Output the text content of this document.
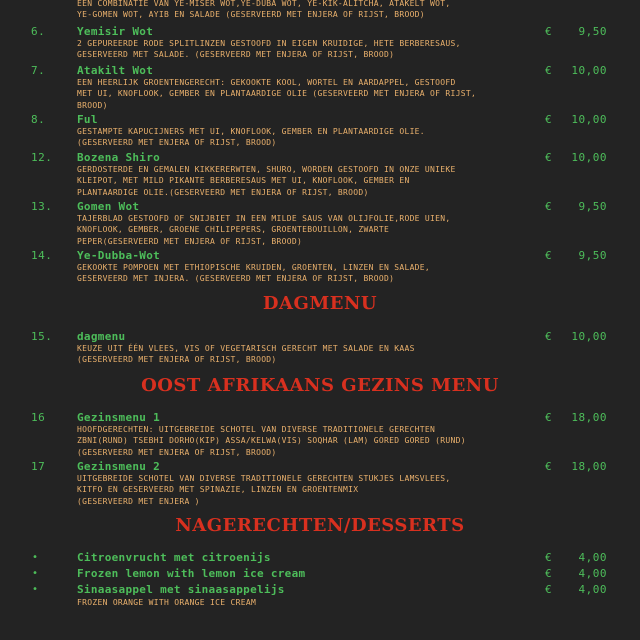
EEN COMBINATIE VAN YE-MISER WOT,YE-DUBA WOT, YE-KIK-ALITCHA, ATAKELT WOT,
YE-GOMEN WOT, AYIB EN SALADE (GESERVEERD MET ENJERA OF RIJST, BROOD)
6.	Yemisir Wot	€ 9,50
2 GEPUREERDE RODE SPLITLINZEN GESTOOFD IN EIGEN KRUIDIGE, HETE BERBERESAUS,
GESERVEERD MET SALADE. (GESERVEERD MET ENJERA OF RIJST, BROOD)
7.	Atakilt Wot	€ 10,00
EEN HEERLIJK GROENTENGERECHT: GEKOOKTE KOOL, WORTEL EN AARDAPPEL, GESTOOFD
MET UI, KNOFLOOK, GEMBER EN PLANTAARDIGE OLIE (GESERVEERD MET ENJERA OF RIJST,
BROOD)
8.	Ful	€ 10,00
GESTAMPTE KAPUCIJNERS MET UI, KNOFLOOK, GEMBER EN PLANTAARDIGE OLIE.
(GESERVEERD MET ENJERA OF RIJST, BROOD)
12. Bozena Shiro	€ 10,00
GERDOSTERDE EN GEMALEN KIKKERERWTEN, SHURO, WORDEN GESTOOFD IN ONZE UNIEKE
KLEIPOT, MET MILD PIKANTE BERBERESAUS MET UI, KNOFLOOK, GEMBER EN
PLANTAARDIGE OLIE.(GESERVEERD MET ENJERA OF RIJST, BROOD)
13. Gomen Wot	€ 9,50
TAJERBLAD GESTOOFD OF SNIJBIET IN EEN MILDE SAUS VAN OLIJFOLIE,RODE UIEN,
KNOFLOOK, GEMBER, GROENE CHILIPEPERS, GROENTEBOUILLON, ZWARTE
PEPER(GESERVEERD MET ENJERA OF RIJST, BROOD)
14. Ye-Dubba-Wot	€ 9,50
GEKOOKTE POMPOEN MET ETHIOPISCHE KRUIDEN, GROENTEN, LINZEN EN SALADE,
GESERVEERD MET INJERA. (GESERVEERD MET ENJERA OF RIJST, BROOD)
DAGMENU
15. dagmenu	€ 10,00
KEUZE UIT ÉÉN VLEES, VIS OF VEGETARISCH GERECHT MET SALADE EN KAAS
(GESERVEERD MET ENJERA OF RIJST, BROOD)
OOST AFRIKAANS GEZINS MENU
16	Gezinsmenu 1	€ 18,00
HOOFDGERECHTEN: UITGEBREIDE SCHOTEL VAN DIVERSE TRADITIONELE GERECHTEN
ZBNI(RUND) TSEBHI DORHO(KIP) ASSA/KELWA(VIS) SOQHAR (LAM) GORED GORED (RUND)
(GESERVEERD MET ENJERA OF RIJST, BROOD)
17	Gezinsmenu 2	€ 18,00
UITGEBREIDE SCHOTEL VAN DIVERSE TRADITIONELE GERECHTEN STUKJES LAMSVLEES,
KITFO EN GESERVEERD MET SPINAZIE, LINZEN EN GROENTENMIX
(GESERVEERD MET ENJERA )
NAGERECHTEN/DESSERTS
•	Citroenvrucht met citroenijs	€ 4,00
•	Frozen lemon with lemon ice cream	€ 4,00
•	Sinaasappel met sinaasappelijs	€ 4,00
FROZEN ORANGE WITH ORANGE ICE CREAM
